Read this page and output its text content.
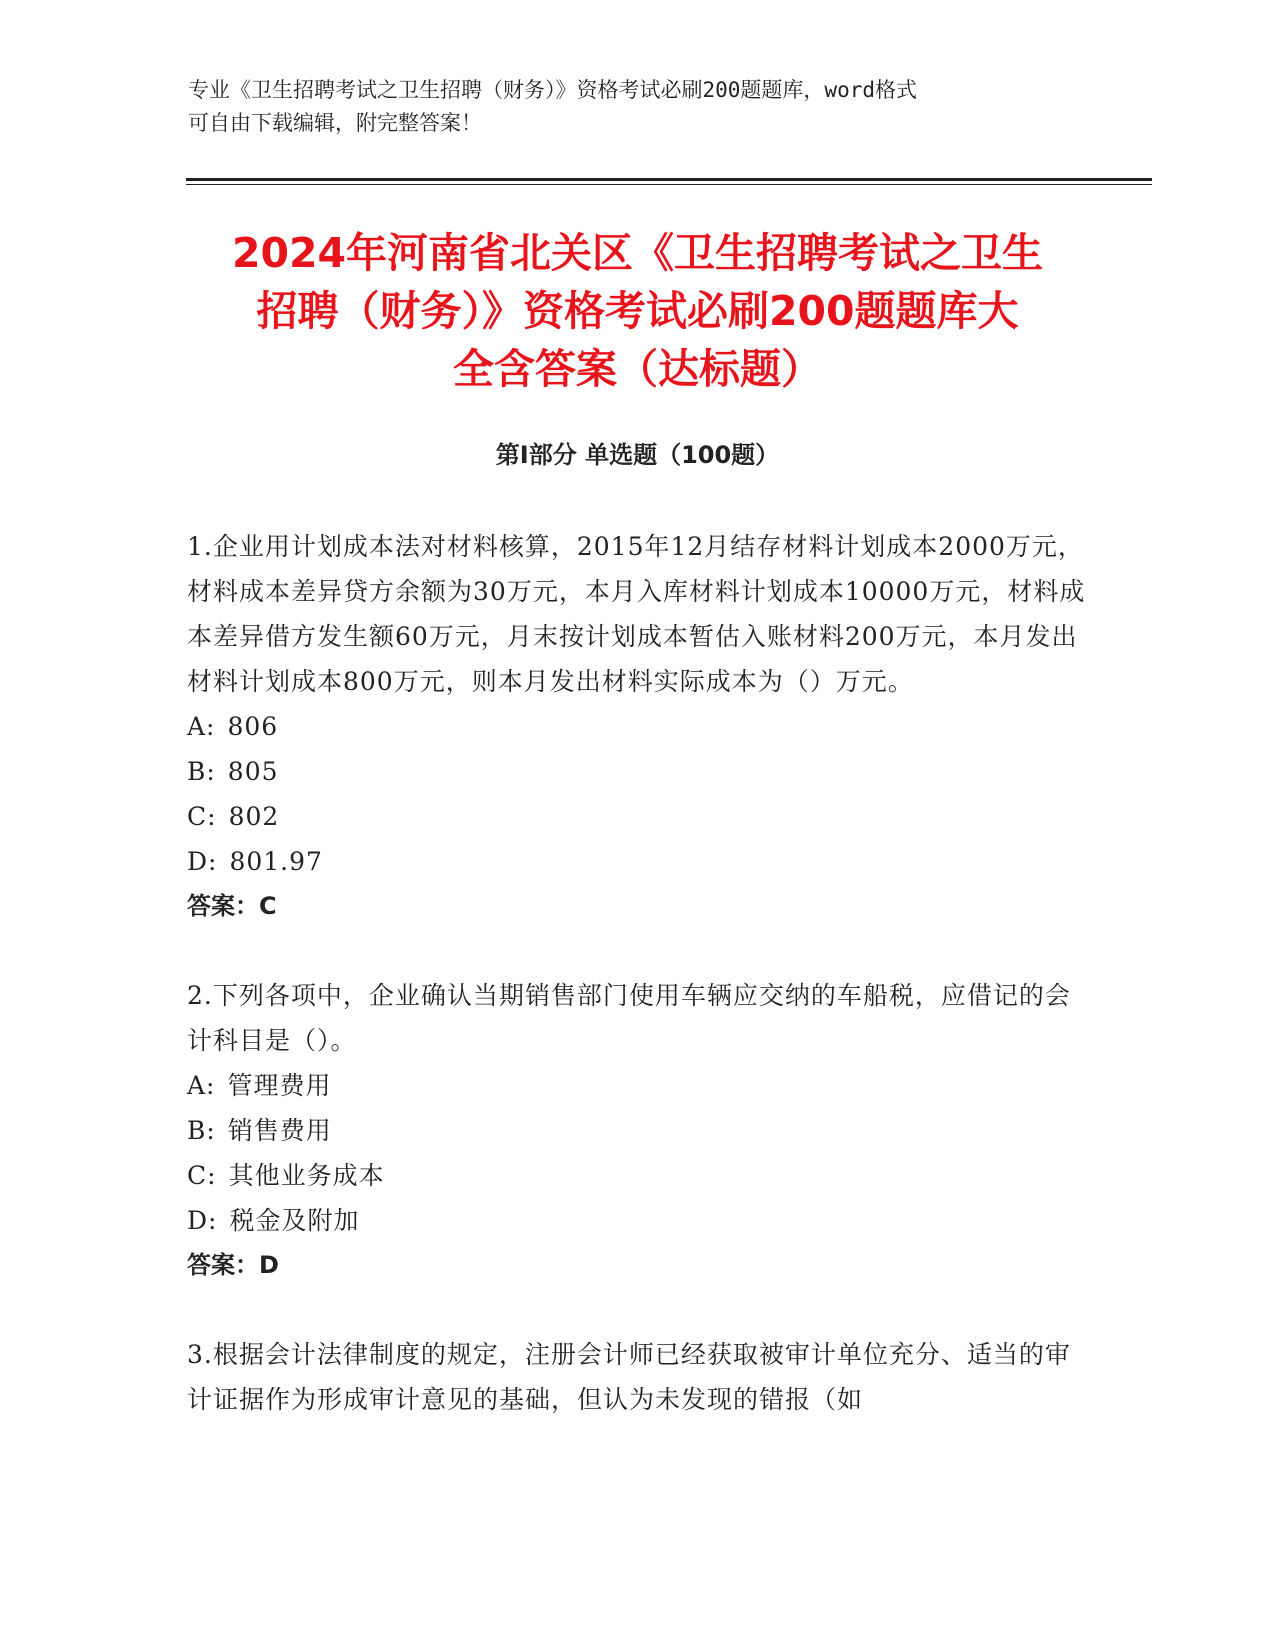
专业《卫生招聘考试之卫生招聘（财务）》资格考试必刷200题题库，word格式
可自由下载编辑，附完整答案！
2024年河南省北关区《卫生招聘考试之卫生
招聘（财务）》资格考试必刷200题题库大
全含答案（达标题）
第I部分 单选题（100题）

1.企业用计划成本法对材料核算，2015年12月结存材料计划成本2000万元，材料成本差异贷方余额为30万元，本月入库材料计划成本10000万元，材料成本差异借方发生额60万元，月末按计划成本暂估入账材料200万元，本月发出材料计划成本800万元，则本月发出材料实际成本为（）万元。

A: 806
B: 805
C: 802
D: 801.97

答案：C

2.下列各项中，企业确认当期销售部门使用车辆应交纳的车船税，应借记的会计科目是（）。

A: 管理费用
B: 销售费用
C: 其他业务成本
D: 税金及附加

答案：D

3.根据会计法律制度的规定，注册会计师已经获取被审计单位充分、适当的审计证据作为形成审计意见的基础，但认为未发现的错报（如
